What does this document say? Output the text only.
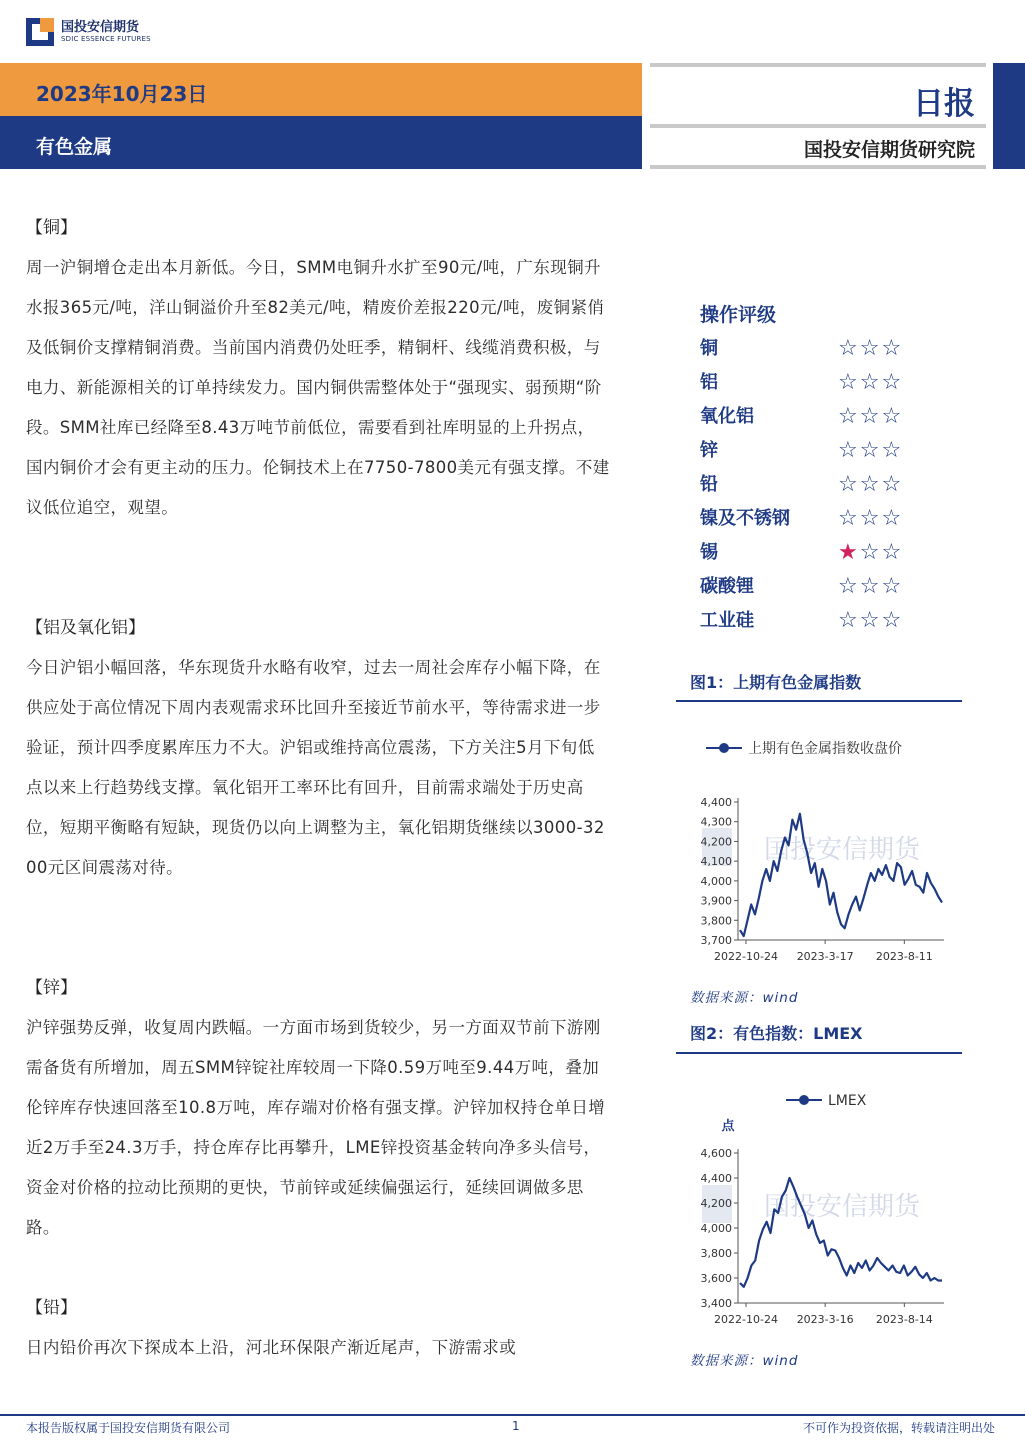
国投安信期货
SDIC ESSENCE FUTURES
2023年10月23日
有色金属
日报
国投安信期货研究院
【铜】
周一沪铜增仓走出本月新低。今日，SMM电铜升水扩至90元/吨，广东现铜升水报365元/吨，洋山铜溢价升至82美元/吨，精废价差报220元/吨，废铜紧俏及低铜价支撑精铜消费。当前国内消费仍处旺季，精铜杆、线缆消费积极，与电力、新能源相关的订单持续发力。国内铜供需整体处于“强现实、弱预期“阶段。SMM社库已经降至8.43万吨节前低位，需要看到社库明显的上升拐点，国内铜价才会有更主动的压力。伦铜技术上在7750-7800美元有强支撑。不建议低位追空，观望。
【铝及氧化铝】
今日沪铝小幅回落，华东现货升水略有收窄，过去一周社会库存小幅下降，在供应处于高位情况下周内表观需求环比回升至接近节前水平，等待需求进一步验证，预计四季度累库压力不大。沪铝或维持高位震荡，下方关注5月下旬低点以来上行趋势线支撑。氧化铝开工率环比有回升，目前需求端处于历史高位，短期平衡略有短缺，现货仍以向上调整为主，氧化铝期货继续以3000-3200元区间震荡对待。
【锌】
沪锌强势反弹，收复周内跌幅。一方面市场到货较少，另一方面双节前下游刚需备货有所增加，周五SMM锌锭社库较周一下降0.59万吨至9.44万吨，叠加伦锌库存快速回落至10.8万吨，库存端对价格有强支撑。沪锌加权持仓单日增近2万手至24.3万手，持仓库存比再攀升，LME锌投资基金转向净多头信号，资金对价格的拉动比预期的更快，节前锌或延续偏强运行，延续回调做多思路。
【铅】
日内铅价再次下探成本上沿，河北环保限产渐近尾声，下游需求或
操作评级
铜	☆☆☆
铝	☆☆☆
氧化铝	☆☆☆
锌	☆☆☆
铅	☆☆☆
镍及不锈钢	☆☆☆
锡	★☆☆
碳酸锂	☆☆☆
工业硅	☆☆☆
图1：上期有色金属指数
上期有色金属指数收盘价
国投安信期货
3,700
3,800
3,900
4,000
4,100
4,200
4,300
4,400
2022-10-24 2023-3-17 2023-8-11
数据来源：wind
图2：有色指数：LMEX
LMEX
点
国投安信期货
3,400
3,600
3,800
4,000
4,200
4,400
4,600
2022-10-24 2023-3-16 2023-8-14
数据来源：wind
本报告版权属于国投安信期货有限公司	1	不可作为投资依据，转载请注明出处
